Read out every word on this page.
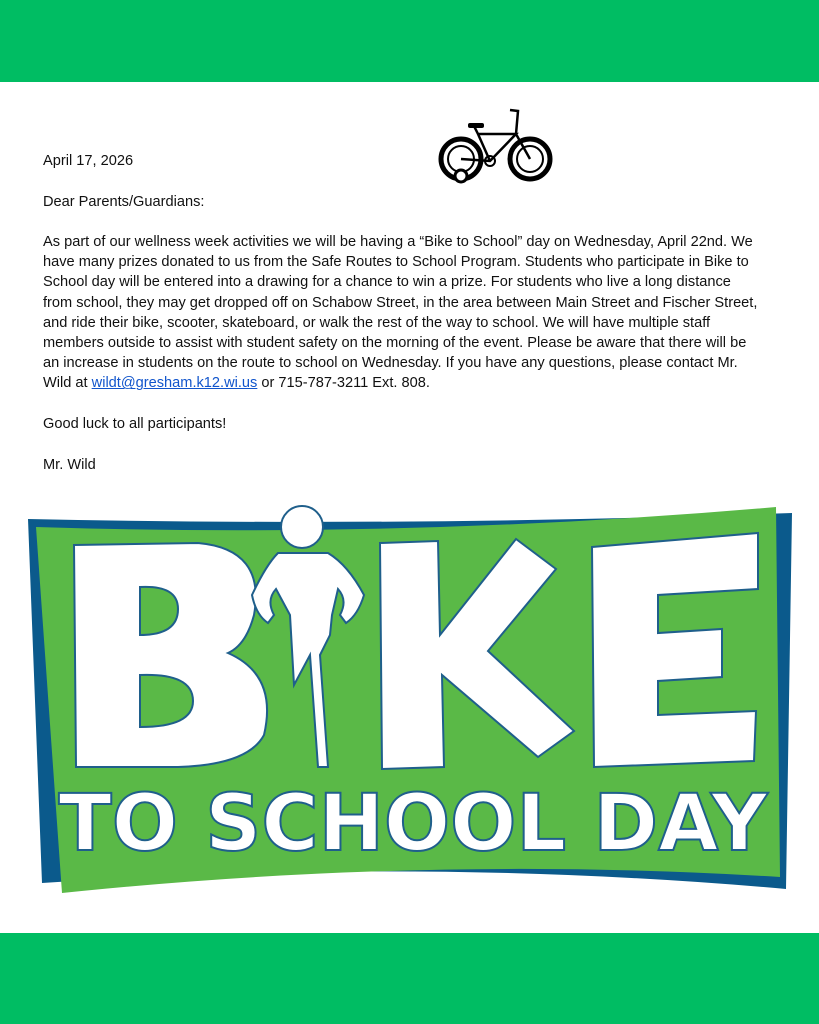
April 17, 2026
Dear Parents/Guardians:
As part of our wellness week activities we will be having a “Bike to School” day on Wednesday, April 22nd. We
have many prizes donated to us from the Safe Routes to School Program. Students who participate in Bike to
School day will be entered into a drawing for a chance to win a prize. For students who live a long distance
from school, they may get dropped off on Schabow Street, in the area between Main Street and Fischer Street,
and ride their bike, scooter, skateboard, or walk the rest of the way to school. We will have multiple staff
members outside to assist with student safety on the morning of the event. Please be aware that there will be
an increase in students on the route to school on Wednesday. If you have any questions, please contact Mr.
Wild at wildt@gresham.k12.wi.us or 715-787-3211 Ext. 808.
Good luck to all participants!
Mr. Wild
TO SCHOOL DAY
